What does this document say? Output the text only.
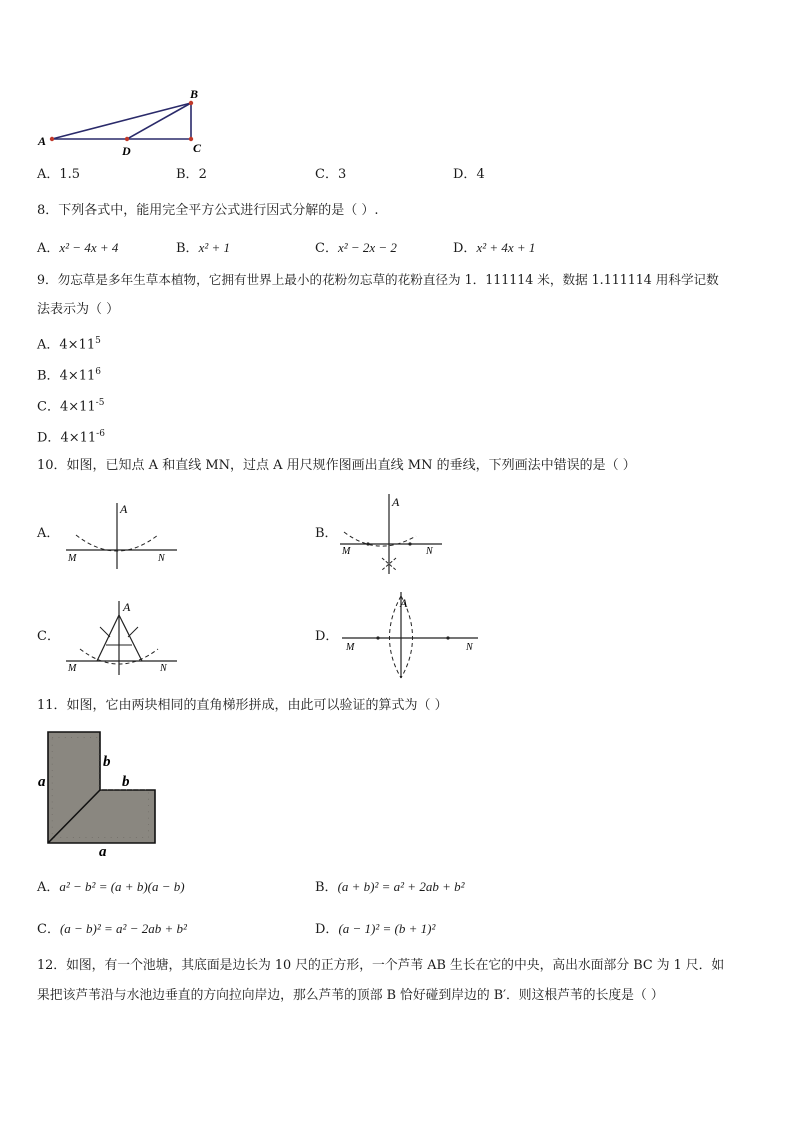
A
B
C
D
A．1.5	B．2	C．3	D．4
8．下列各式中，能用完全平方公式进行因式分解的是（ ）.
A．x² − 4x + 4	B．x² + 1	C．x² − 2x − 2	D．x² + 4x + 1
9．勿忘草是多年生草本植物，它拥有世界上最小的花粉勿忘草的花粉直径为 1．111114 米，数据 1.111114 用科学记数
法表示为（ ）
A．$4\times 11^5$
B．$4\times 11^6$
C．$4\times 11^{-5}$
D．$4\times 11^{-6}$
10．如图，已知点 A 和直线 MN，过点 A 用尺规作图画出直线 MN 的垂线，下列画法中错误的是（ ）
A．
A
M	N
B．
A
M	N
C．
A
M	N
D．
A
M	N
11．如图，它由两块相同的直角梯形拼成，由此可以验证的算式为（ ）
a
b
b
a
A．a² − b² = (a + b)(a − b)	B．(a + b)² = a² + 2ab + b²
C．(a − b)² = a² − 2ab + b²	D．(a − 1)² = (b + 1)²
12．如图，有一个池塘，其底面是边长为 10 尺的正方形，一个芦苇 AB 生长在它的中央，高出水面部分 BC 为 1 尺．如
果把该芦苇沿与水池边垂直的方向拉向岸边，那么芦苇的顶部 B 恰好碰到岸边的 B′．则这根芦苇的长度是（ ）
